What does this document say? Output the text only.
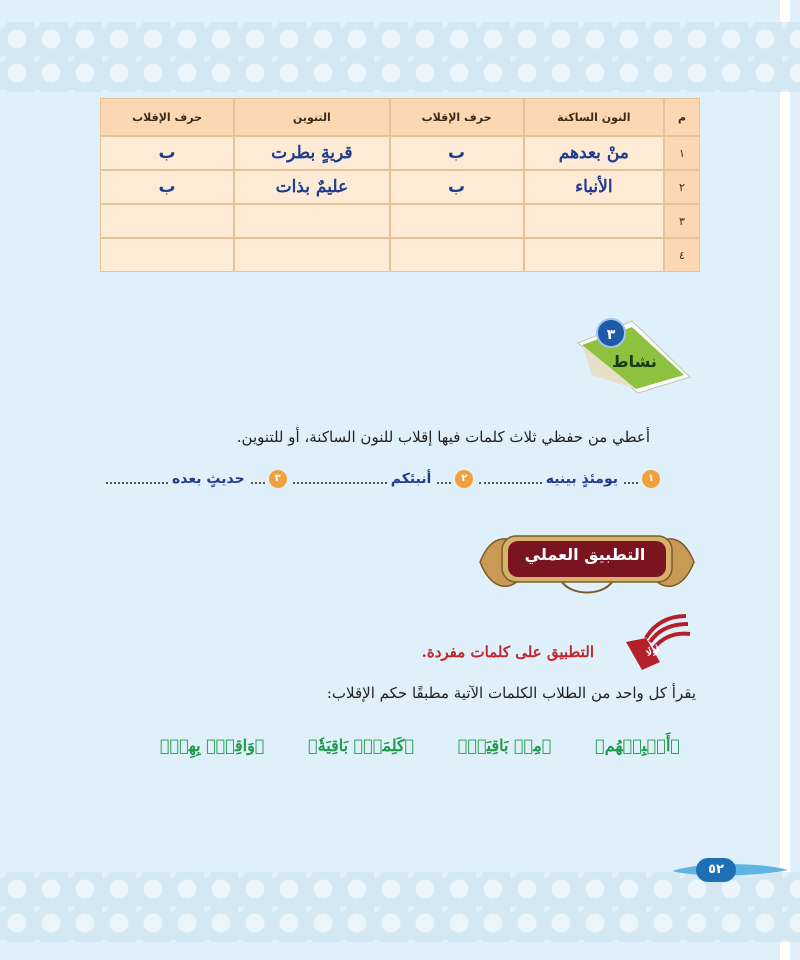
م	النون الساكنة	حرف الإقلاب	التنوين	حرف الإقلاب
١	منْ بعدهم	ب	قريةٍ بطرت	ب
٢	الأنباء	ب	عليمٌ بذات	ب
٣				
٤				
٣
نشاط
أعطي من حفظي ثلاث كلمات فيها إقلاب للنون الساكنة، أو للتنوين.
١
يومئذٍ بينيه
٢
أنبئكم
٣
حديثٍ بعده
التطبيق العملي
أولًا
التطبيق على كلمات مفردة.
يقرأ كل واحد من الطلاب الكلمات الآتية مطبقًا حكم الإقلاب:
﴿أَنۢبِئۡهُم﴾
﴿مِنۢ بَاقِيَةٖ﴾
﴿كَلِمَةَۢ بَاقِيَةٗ﴾
﴿وَاقِعُۢ بِهِمۡ﴾
٥٢
